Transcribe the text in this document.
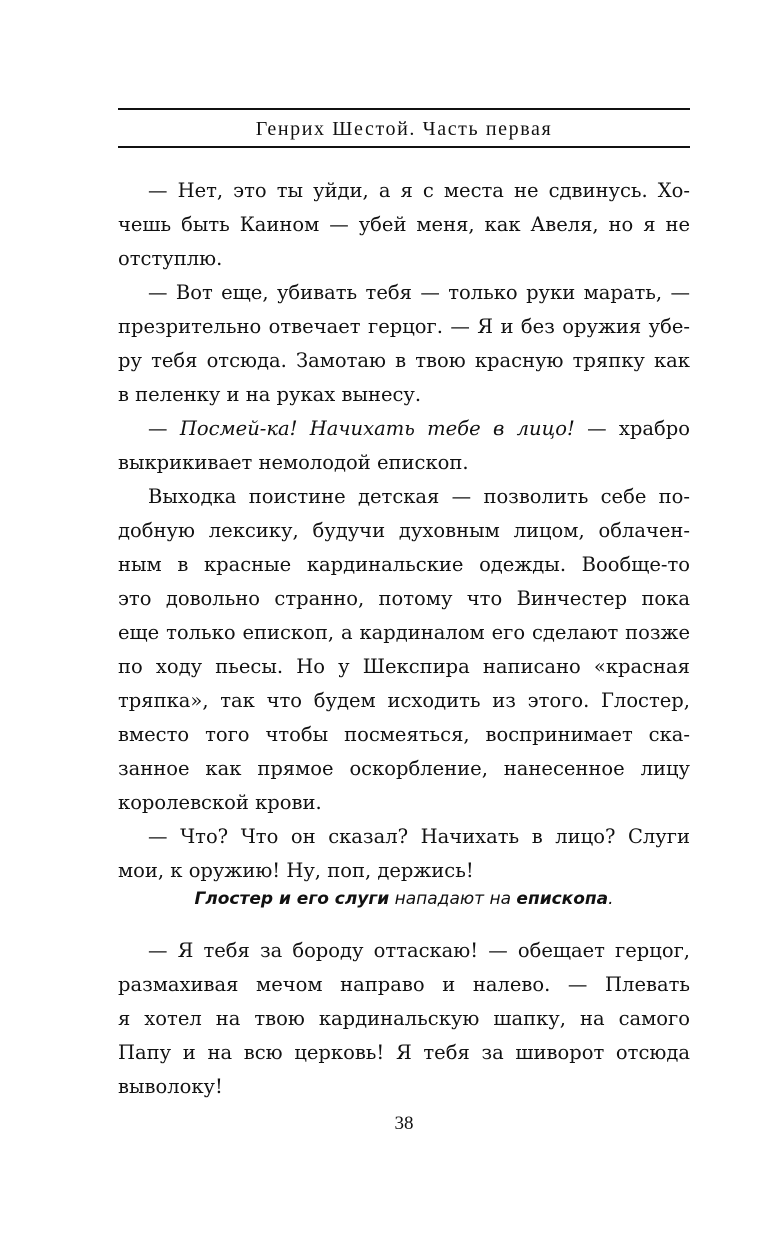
Генрих Шестой. Часть первая
— Нет, это ты уйди, а я с места не сдвинусь. Хо-
чешь быть Каином — убей меня, как Авеля, но я не
отступлю.
— Вот еще, убивать тебя — только руки марать, —
презрительно отвечает герцог. — Я и без оружия убе-
ру тебя отсюда. Замотаю в твою красную тряпку как
в пеленку и на руках вынесу.
— Посмей-ка! Начихать тебе в лицо! — храбро
выкрикивает немолодой епископ.
Выходка поистине детская — позволить себе по-
добную лексику, будучи духовным лицом, облачен-
ным в красные кардинальские одежды. Вообще-то
это довольно странно, потому что Винчестер пока
еще только епископ, а кардиналом его сделают позже
по ходу пьесы. Но у Шекспира написано «красная
тряпка», так что будем исходить из этого. Глостер,
вместо того чтобы посмеяться, воспринимает ска-
занное как прямое оскорбление, нанесенное лицу
королевской крови.
— Что? Что он сказал? Начихать в лицо? Слуги
мои, к оружию! Ну, поп, держись!
Глостер и его слуги нападают на епископа.
— Я тебя за бороду оттаскаю! — обещает герцог,
размахивая мечом направо и налево. — Плевать
я хотел на твою кардинальскую шапку, на самого
Папу и на всю церковь! Я тебя за шиворот отсюда
выволоку!
38
